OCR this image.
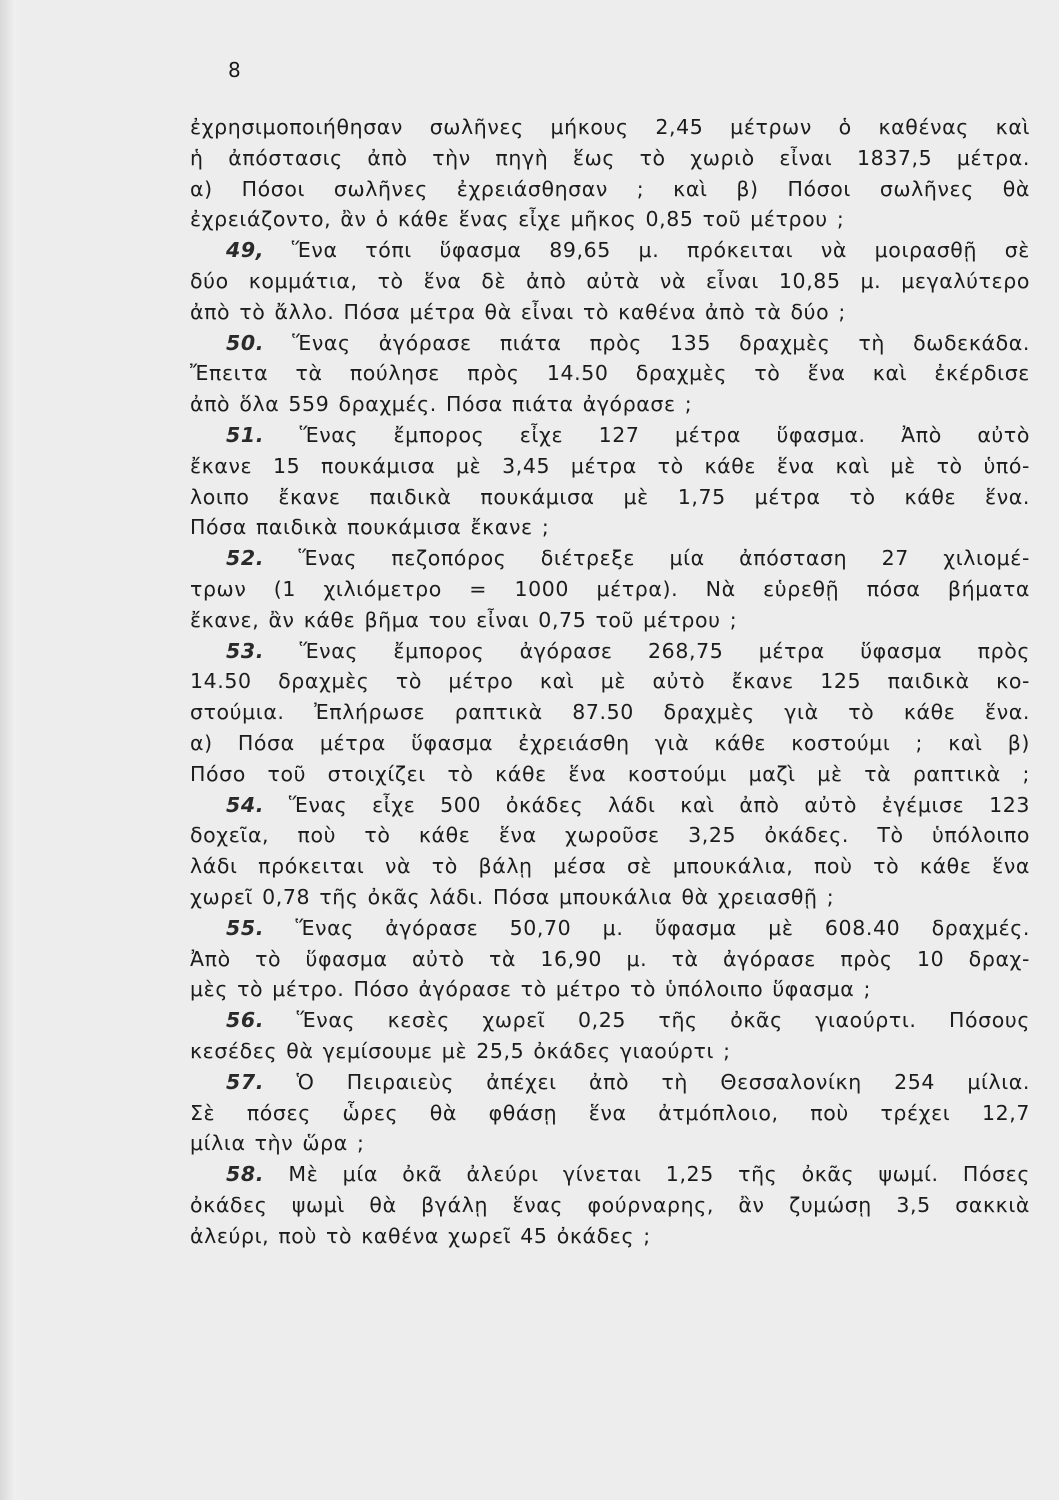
8
ἐχρησιμοποιήθησαν σωλῆνες μήκους 2,45 μέτρων ὁ καθένας καὶ
ἡ ἀπόστασις ἀπὸ τὴν πηγὴ ἕως τὸ χωριὸ εἶναι 1837,5 μέτρα.
α) Πόσοι σωλῆνες ἐχρειάσθησαν ; καὶ β) Πόσοι σωλῆνες θὰ
ἐχρειάζοντο, ἂν ὁ κάθε ἕνας εἶχε μῆκος 0,85 τοῦ μέτρου ;
49, Ἕνα τόπι ὕφασμα 89,65 μ. πρόκειται νὰ μοιρασθῇ σὲ
δύο κομμάτια, τὸ ἕνα δὲ ἀπὸ αὐτὰ νὰ εἶναι 10,85 μ. μεγαλύτερο
ἀπὸ τὸ ἄλλο. Πόσα μέτρα θὰ εἶναι τὸ καθένα ἀπὸ τὰ δύο ;
50. Ἕνας ἀγόρασε πιάτα πρὸς 135 δραχμὲς τὴ δωδεκάδα.
Ἔπειτα τὰ πούλησε πρὸς 14.50 δραχμὲς τὸ ἕνα καὶ ἐκέρδισε
ἀπὸ ὅλα 559 δραχμές. Πόσα πιάτα ἀγόρασε ;
51. Ἕνας ἔμπορος εἶχε 127 μέτρα ὕφασμα. Ἀπὸ αὐτὸ
ἔκανε 15 πουκάμισα μὲ 3,45 μέτρα τὸ κάθε ἕνα καὶ μὲ τὸ ὑπό-
λοιπο ἔκανε παιδικὰ πουκάμισα μὲ 1,75 μέτρα τὸ κάθε ἕνα.
Πόσα παιδικὰ πουκάμισα ἔκανε ;
52. Ἕνας πεζοπόρος διέτρεξε μία ἀπόσταση 27 χιλιομέ-
τρων (1 χιλιόμετρο = 1000 μέτρα). Νὰ εὑρεθῇ πόσα βήματα
ἔκανε, ἂν κάθε βῆμα του εἶναι 0,75 τοῦ μέτρου ;
53. Ἕνας ἔμπορος ἀγόρασε 268,75 μέτρα ὕφασμα πρὸς
14.50 δραχμὲς τὸ μέτρο καὶ μὲ αὐτὸ ἔκανε 125 παιδικὰ κο-
στούμια. Ἐπλήρωσε ραπτικὰ 87.50 δραχμὲς γιὰ τὸ κάθε ἕνα.
α) Πόσα μέτρα ὕφασμα ἐχρειάσθη γιὰ κάθε κοστούμι ; καὶ β)
Πόσο τοῦ στοιχίζει τὸ κάθε ἕνα κοστούμι μαζὶ μὲ τὰ ραπτικὰ ;
54. Ἕνας εἶχε 500 ὀκάδες λάδι καὶ ἀπὸ αὐτὸ ἐγέμισε 123
δοχεῖα, ποὺ τὸ κάθε ἕνα χωροῦσε 3,25 ὀκάδες. Τὸ ὑπόλοιπο
λάδι πρόκειται νὰ τὸ βάλῃ μέσα σὲ μπουκάλια, ποὺ τὸ κάθε ἕνα
χωρεῖ 0,78 τῆς ὀκᾶς λάδι. Πόσα μπουκάλια θὰ χρειασθῇ ;
55. Ἕνας ἀγόρασε 50,70 μ. ὕφασμα μὲ 608.40 δραχμές.
Ἀπὸ τὸ ὕφασμα αὐτὸ τὰ 16,90 μ. τὰ ἀγόρασε πρὸς 10 δραχ-
μὲς τὸ μέτρο. Πόσο ἀγόρασε τὸ μέτρο τὸ ὑπόλοιπο ὕφασμα ;
56. Ἕνας κεσὲς χωρεῖ 0,25 τῆς ὀκᾶς γιαούρτι. Πόσους
κεσέδες θὰ γεμίσουμε μὲ 25,5 ὀκάδες γιαούρτι ;
57. Ὁ Πειραιεὺς ἀπέχει ἀπὸ τὴ Θεσσαλονίκη 254 μίλια.
Σὲ πόσες ὧρες θὰ φθάσῃ ἕνα ἀτμόπλοιο, ποὺ τρέχει 12,7
μίλια τὴν ὥρα ;
58. Μὲ μία ὀκᾶ ἀλεύρι γίνεται 1,25 τῆς ὀκᾶς ψωμί. Πόσες
ὀκάδες ψωμὶ θὰ βγάλῃ ἕνας φούρναρης, ἂν ζυμώσῃ 3,5 σακκιὰ
ἀλεύρι, ποὺ τὸ καθένα χωρεῖ 45 ὀκάδες ;
